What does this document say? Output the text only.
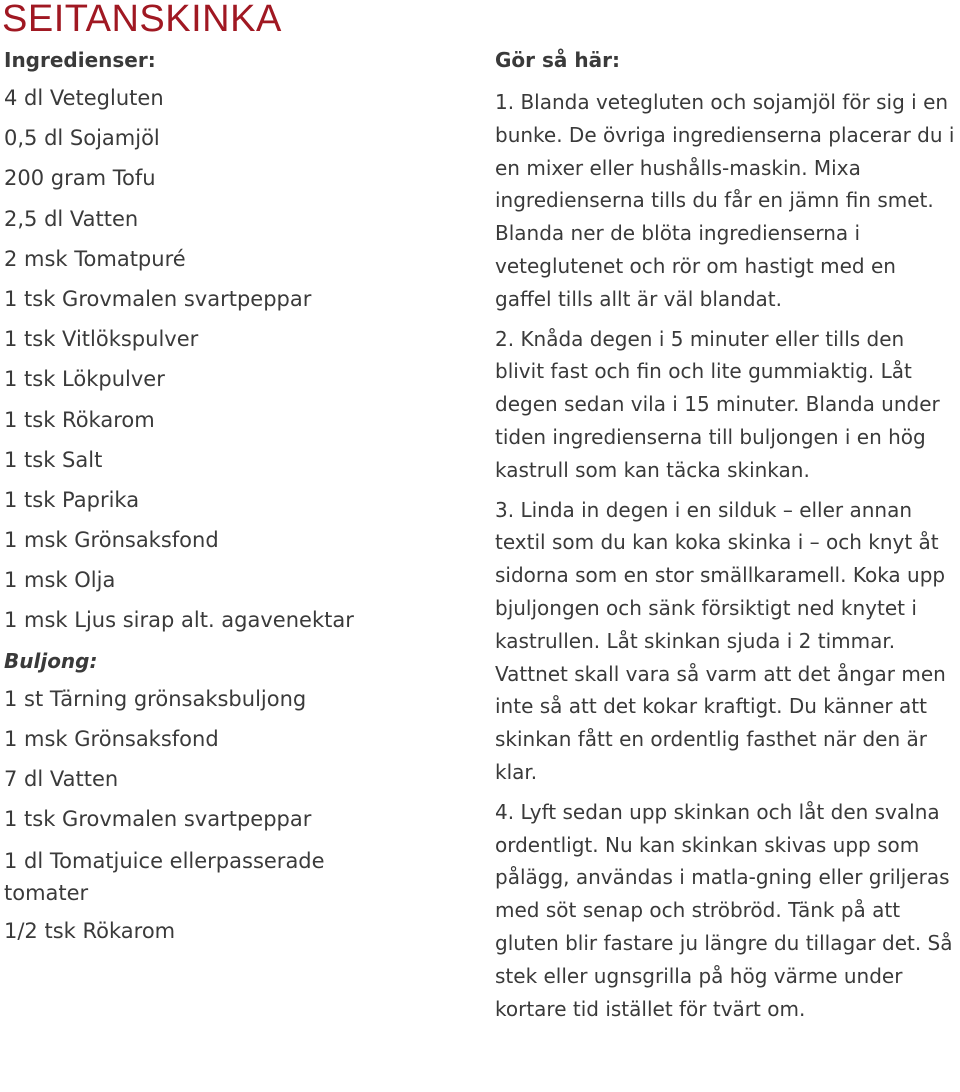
SEITANSKINKA
Ingredienser:
4 dl Vetegluten
0,5 dl Sojamjöl
200 gram Tofu
2,5 dl Vatten
2 msk Tomatpuré
1 tsk Grovmalen svartpeppar
1 tsk Vitlökspulver
1 tsk Lökpulver
1 tsk Rökarom
1 tsk Salt
1 tsk Paprika
1 msk Grönsaksfond
1 msk Olja
1 msk Ljus sirap alt. agavenektar
Buljong:
1 st Tärning grönsaksbuljong
1 msk Grönsaksfond
7 dl Vatten
1 tsk Grovmalen svartpeppar
1 dl Tomatjuice ellerpasserade tomater
1/2 tsk Rökarom
Gör så här:

1. Blanda vetegluten och sojamjöl för sig i en bunke. De övriga ingredienserna placerar du i en mixer eller hushålls-maskin. Mixa ingredienserna tills du får en jämn fin smet. Blanda ner de blöta ingredienserna i veteglutenet och rör om hastigt med en gaffel tills allt är väl blandat.

2. Knåda degen i 5 minuter eller tills den blivit fast och fin och lite gummiaktig. Låt degen sedan vila i 15 minuter. Blanda under tiden ingredienserna till buljongen i en hög kastrull som kan täcka skinkan.

3. Linda in degen i en silduk – eller annan textil som du kan koka skinka i – och knyt åt sidorna som en stor smällkaramell. Koka upp bjuljongen och sänk försiktigt ned knytet i kastrullen. Låt skinkan sjuda i 2 timmar. Vattnet skall vara så varm att det ångar men inte så att det kokar kraftigt. Du känner att skinkan fått en ordentlig fasthet när den är klar.

4. Lyft sedan upp skinkan och låt den svalna ordentligt. Nu kan skinkan skivas upp som pålägg, användas i matla-gning eller griljeras med söt senap och ströbröd. Tänk på att gluten blir fastare ju längre du tillagar det. Så stek eller ugnsgrilla på hög värme under kortare tid istället för tvärt om.
